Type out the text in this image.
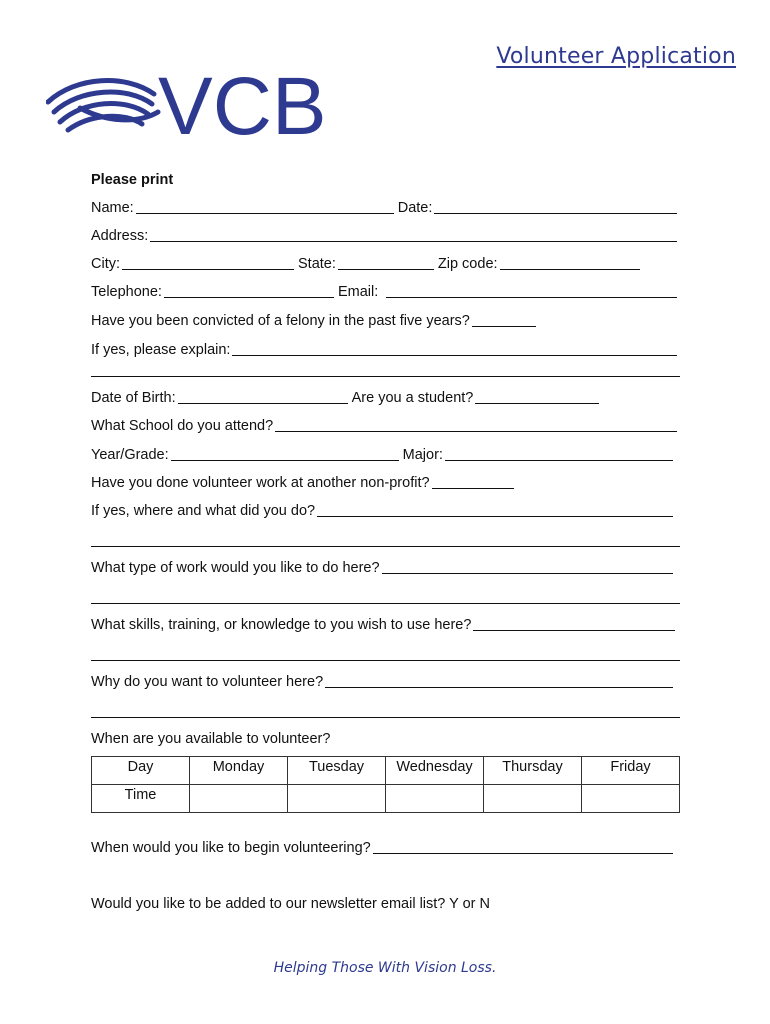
Volunteer Application
VCB
Please print
Name:	Date:
Address:
City:	State:	Zip code:
Telephone:	Email:
Have you been convicted of a felony in the past five years?
If yes, please explain:
Date of Birth:	Are you a student?
What School do you attend?
Year/Grade:	Major:
Have you done volunteer work at another non-profit?
If yes, where and what did you do?
What type of work would you like to do here?
What skills, training, or knowledge to you wish to use here?
Why do you want to volunteer here?
When are you available to volunteer?
Day	Monday	Tuesday	Wednesday	Thursday	Friday
Time					
When would you like to begin volunteering?
Would you like to be added to our newsletter email list? Y or N
Helping Those With Vision Loss.
